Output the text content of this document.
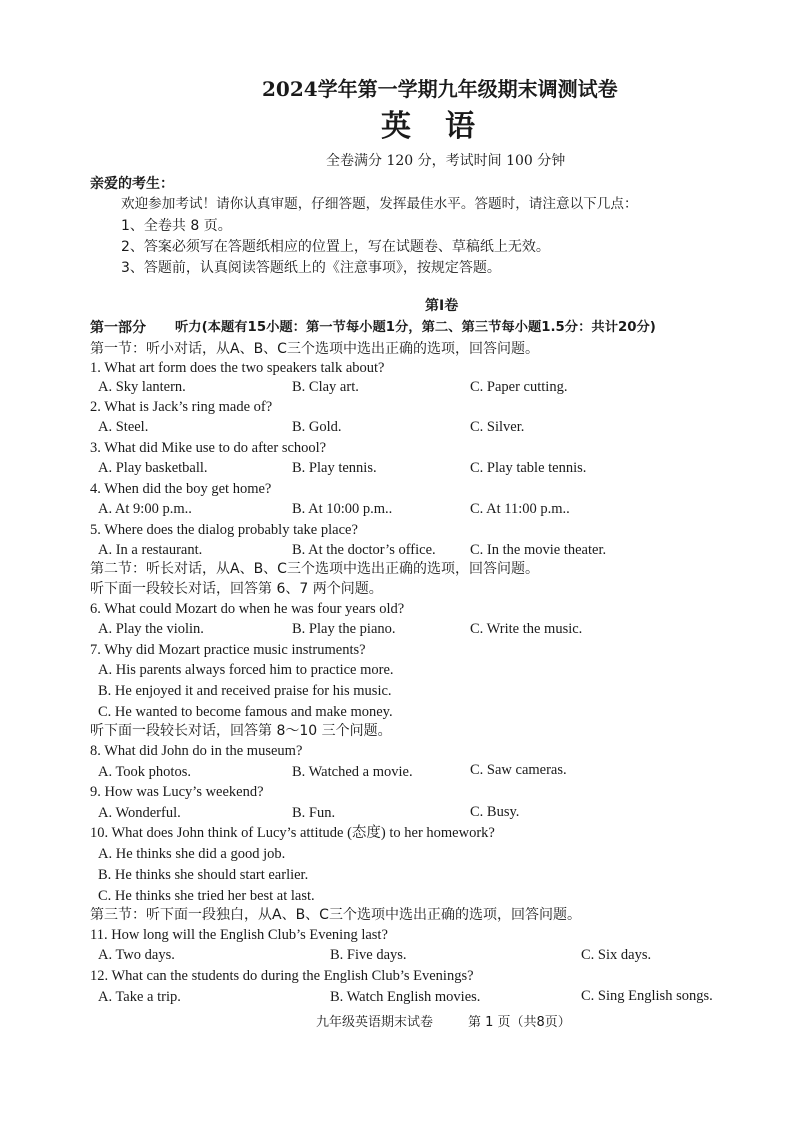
2024学年第一学期九年级期末调测试卷
英　语
全卷满分 120 分，考试时间 100 分钟
亲爱的考生：
欢迎参加考试！请你认真审题，仔细答题，发挥最佳水平。答题时，请注意以下几点：
1、全卷共 8 页。
2、答案必须写在答题纸相应的位置上，写在试题卷、草稿纸上无效。
3、答题前，认真阅读答题纸上的《注意事项》，按规定答题。
第Ⅰ卷
第一部分 听力(本题有15小题：第一节每小题1分，第二、第三节每小题1.5分：共计20分)
第一节：听小对话，从A、B、C三个选项中选出正确的选项，回答问题。
1. What art form does the two speakers talk about?
A. Sky lantern.	B. Clay art.	C. Paper cutting.
2. What is Jack’s ring made of?
A. Steel.	B. Gold.	C. Silver.
3. What did Mike use to do after school?
A. Play basketball.	B. Play tennis.	C. Play table tennis.
4. When did the boy get home?
A. At 9:00 p.m..	B. At 10:00 p.m..	C. At 11:00 p.m..
5. Where does the dialog probably take place?
A. In a restaurant.	B. At the doctor’s office. C. In the movie theater.
第二节：听长对话，从A、B、C三个选项中选出正确的选项，回答问题。
听下面一段较长对话，回答第 6、7 两个问题。
6. What could Mozart do when he was four years old?
A. Play the violin.	B. Play the piano.	C. Write the music.
7. Why did Mozart practice music instruments?
A. His parents always forced him to practice more.
B. He enjoyed it and received praise for his music.
C. He wanted to become famous and make money.
听下面一段较长对话，回答第 8～10 三个问题。
8. What did John do in the museum?
A. Took photos.	B. Watched a movie.	C. Saw cameras.
9. How was Lucy’s weekend?
A. Wonderful.	B. Fun.	C. Busy.
10. What does John think of Lucy’s attitude (态度) to her homework?
A. He thinks she did a good job.
B. He thinks she should start earlier.
C. He thinks she tried her best at last.
第三节：听下面一段独白，从A、B、C三个选项中选出正确的选项，回答问题。
11. How long will the English Club’s Evening last?
A. Two days.	B. Five days.	C. Six days.
12. What can the students do during the English Club’s Evenings?
A. Take a trip.	B. Watch English movies.	C. Sing English songs.
九年级英语期末试卷	第 1 页（共8页）
